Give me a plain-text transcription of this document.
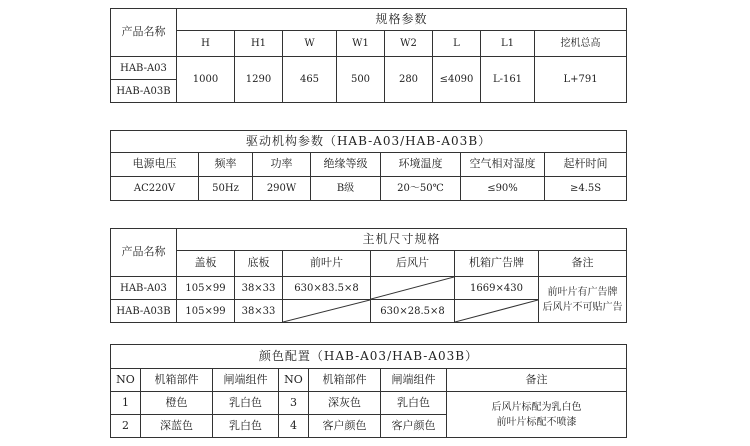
产品名称	规格参数							
	H	H1	W	W1	W2	L	L1	挖机总高
HAB-A03	1000	1290	465	500	280	≤4090	L-161	L+791
HAB-A03B								
驱动机构参数（HAB-A03/HAB-A03B）						
电源电压	频率	功率	绝缘等级	环境温度	空气相对湿度	起杆时间
AC220V	50Hz	290W	B级	20～50℃	≤90%	≥4.5S
产品名称	主机尺寸规格					
	盖板	底板	前叶片	后风片	机箱广告牌	备注
HAB-A03	105×99	38×33	630×83.5×8		1669×430	前叶片有广告牌
后风片不可贴广告

HAB-A03B	105×99	38×33		630×28.5×8	
颜色配置（HAB-A03/HAB-A03B）						
NO	机箱部件	闸端组件	NO	机箱部件	闸端组件	备注
1	橙色	乳白色	3	深灰色	乳白色	后风片标配为乳白色
前叶片标配不喷漆

2	深蓝色	乳白色	4	客户颜色	客户颜色	
